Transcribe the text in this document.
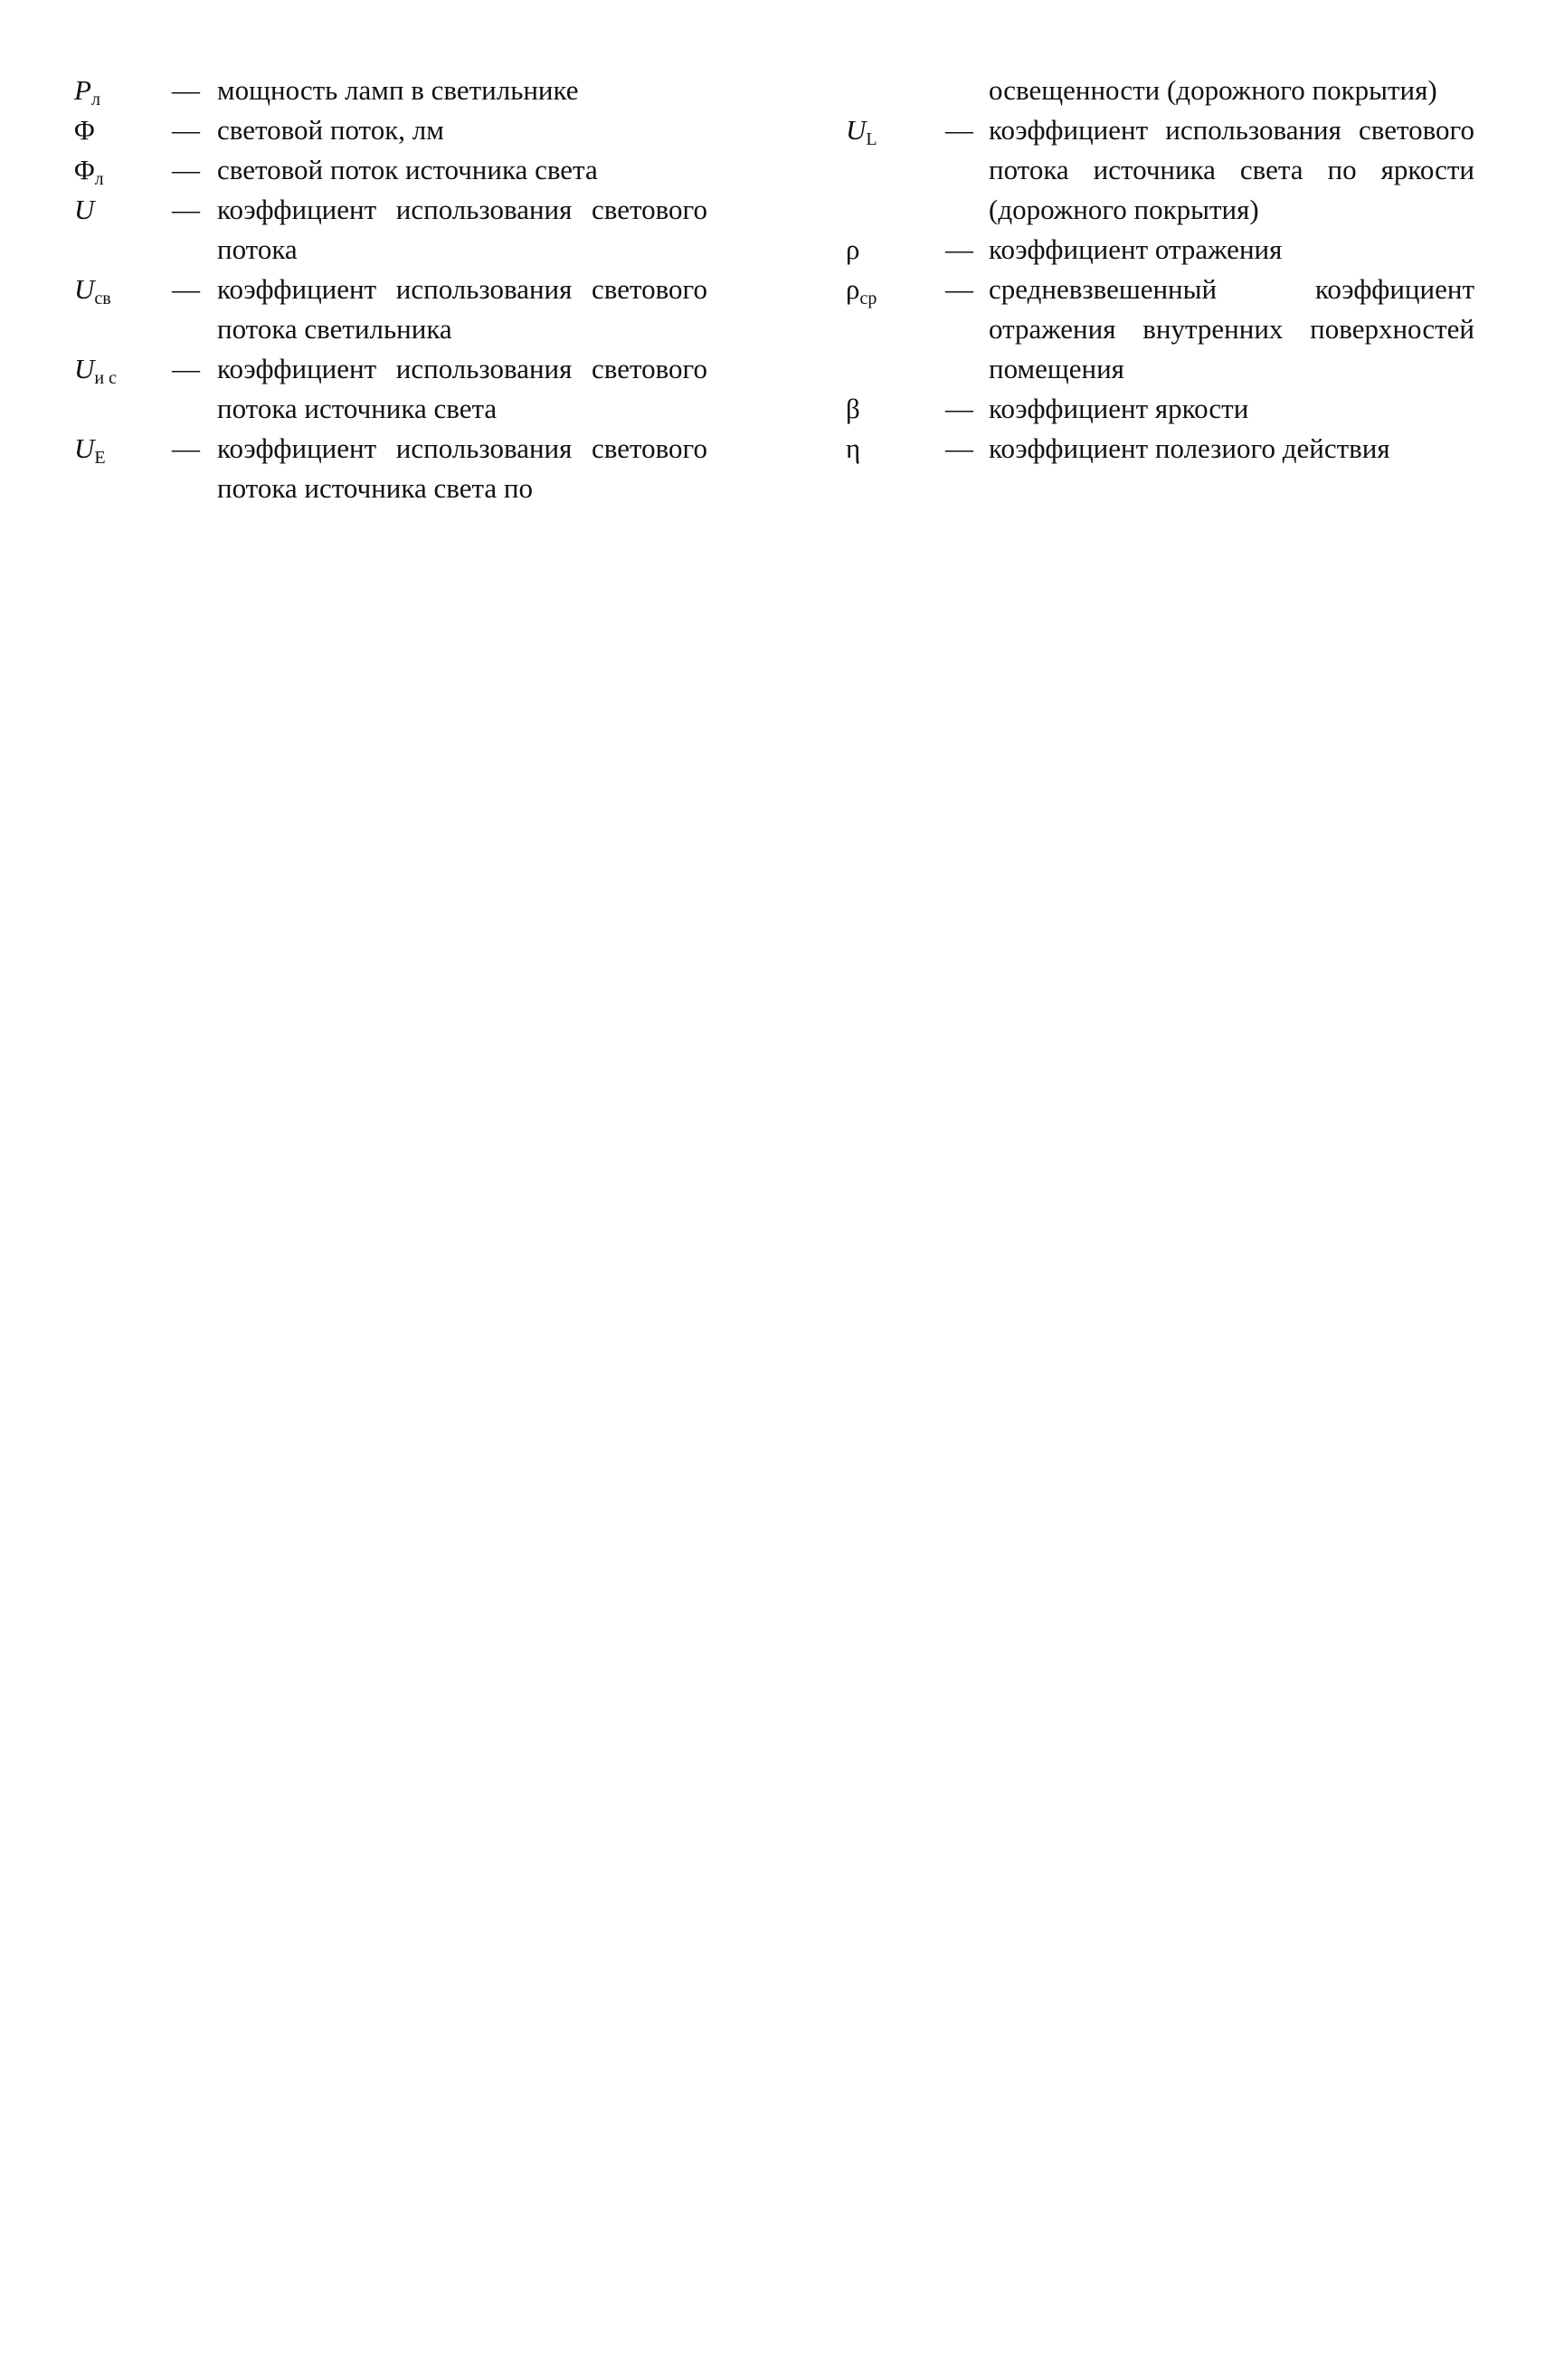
$P_л$	— мощность ламп в светильнике
Φ	— световой поток, лм
$\Phi_л$	— световой поток источника света
U	— коэффициент использования светового потока
$U_{св}$	— коэффициент использования светового потока светильника
$U_{и с}$	— коэффициент использования светового потока источника света
$U_E$	— коэффициент использования светового потока источника света по
освещенности (дорожного покрытия)
$U_L$	— коэффициент использования светового потока источника света по яркости (дорожного покрытия)
ρ	— коэффициент отражения
$\rho_{ср}$	— средневзвешенный коэффициент отражения внутренних поверхностей помещения
β	— коэффициент яркости
η	— коэффициент полезиого действия
